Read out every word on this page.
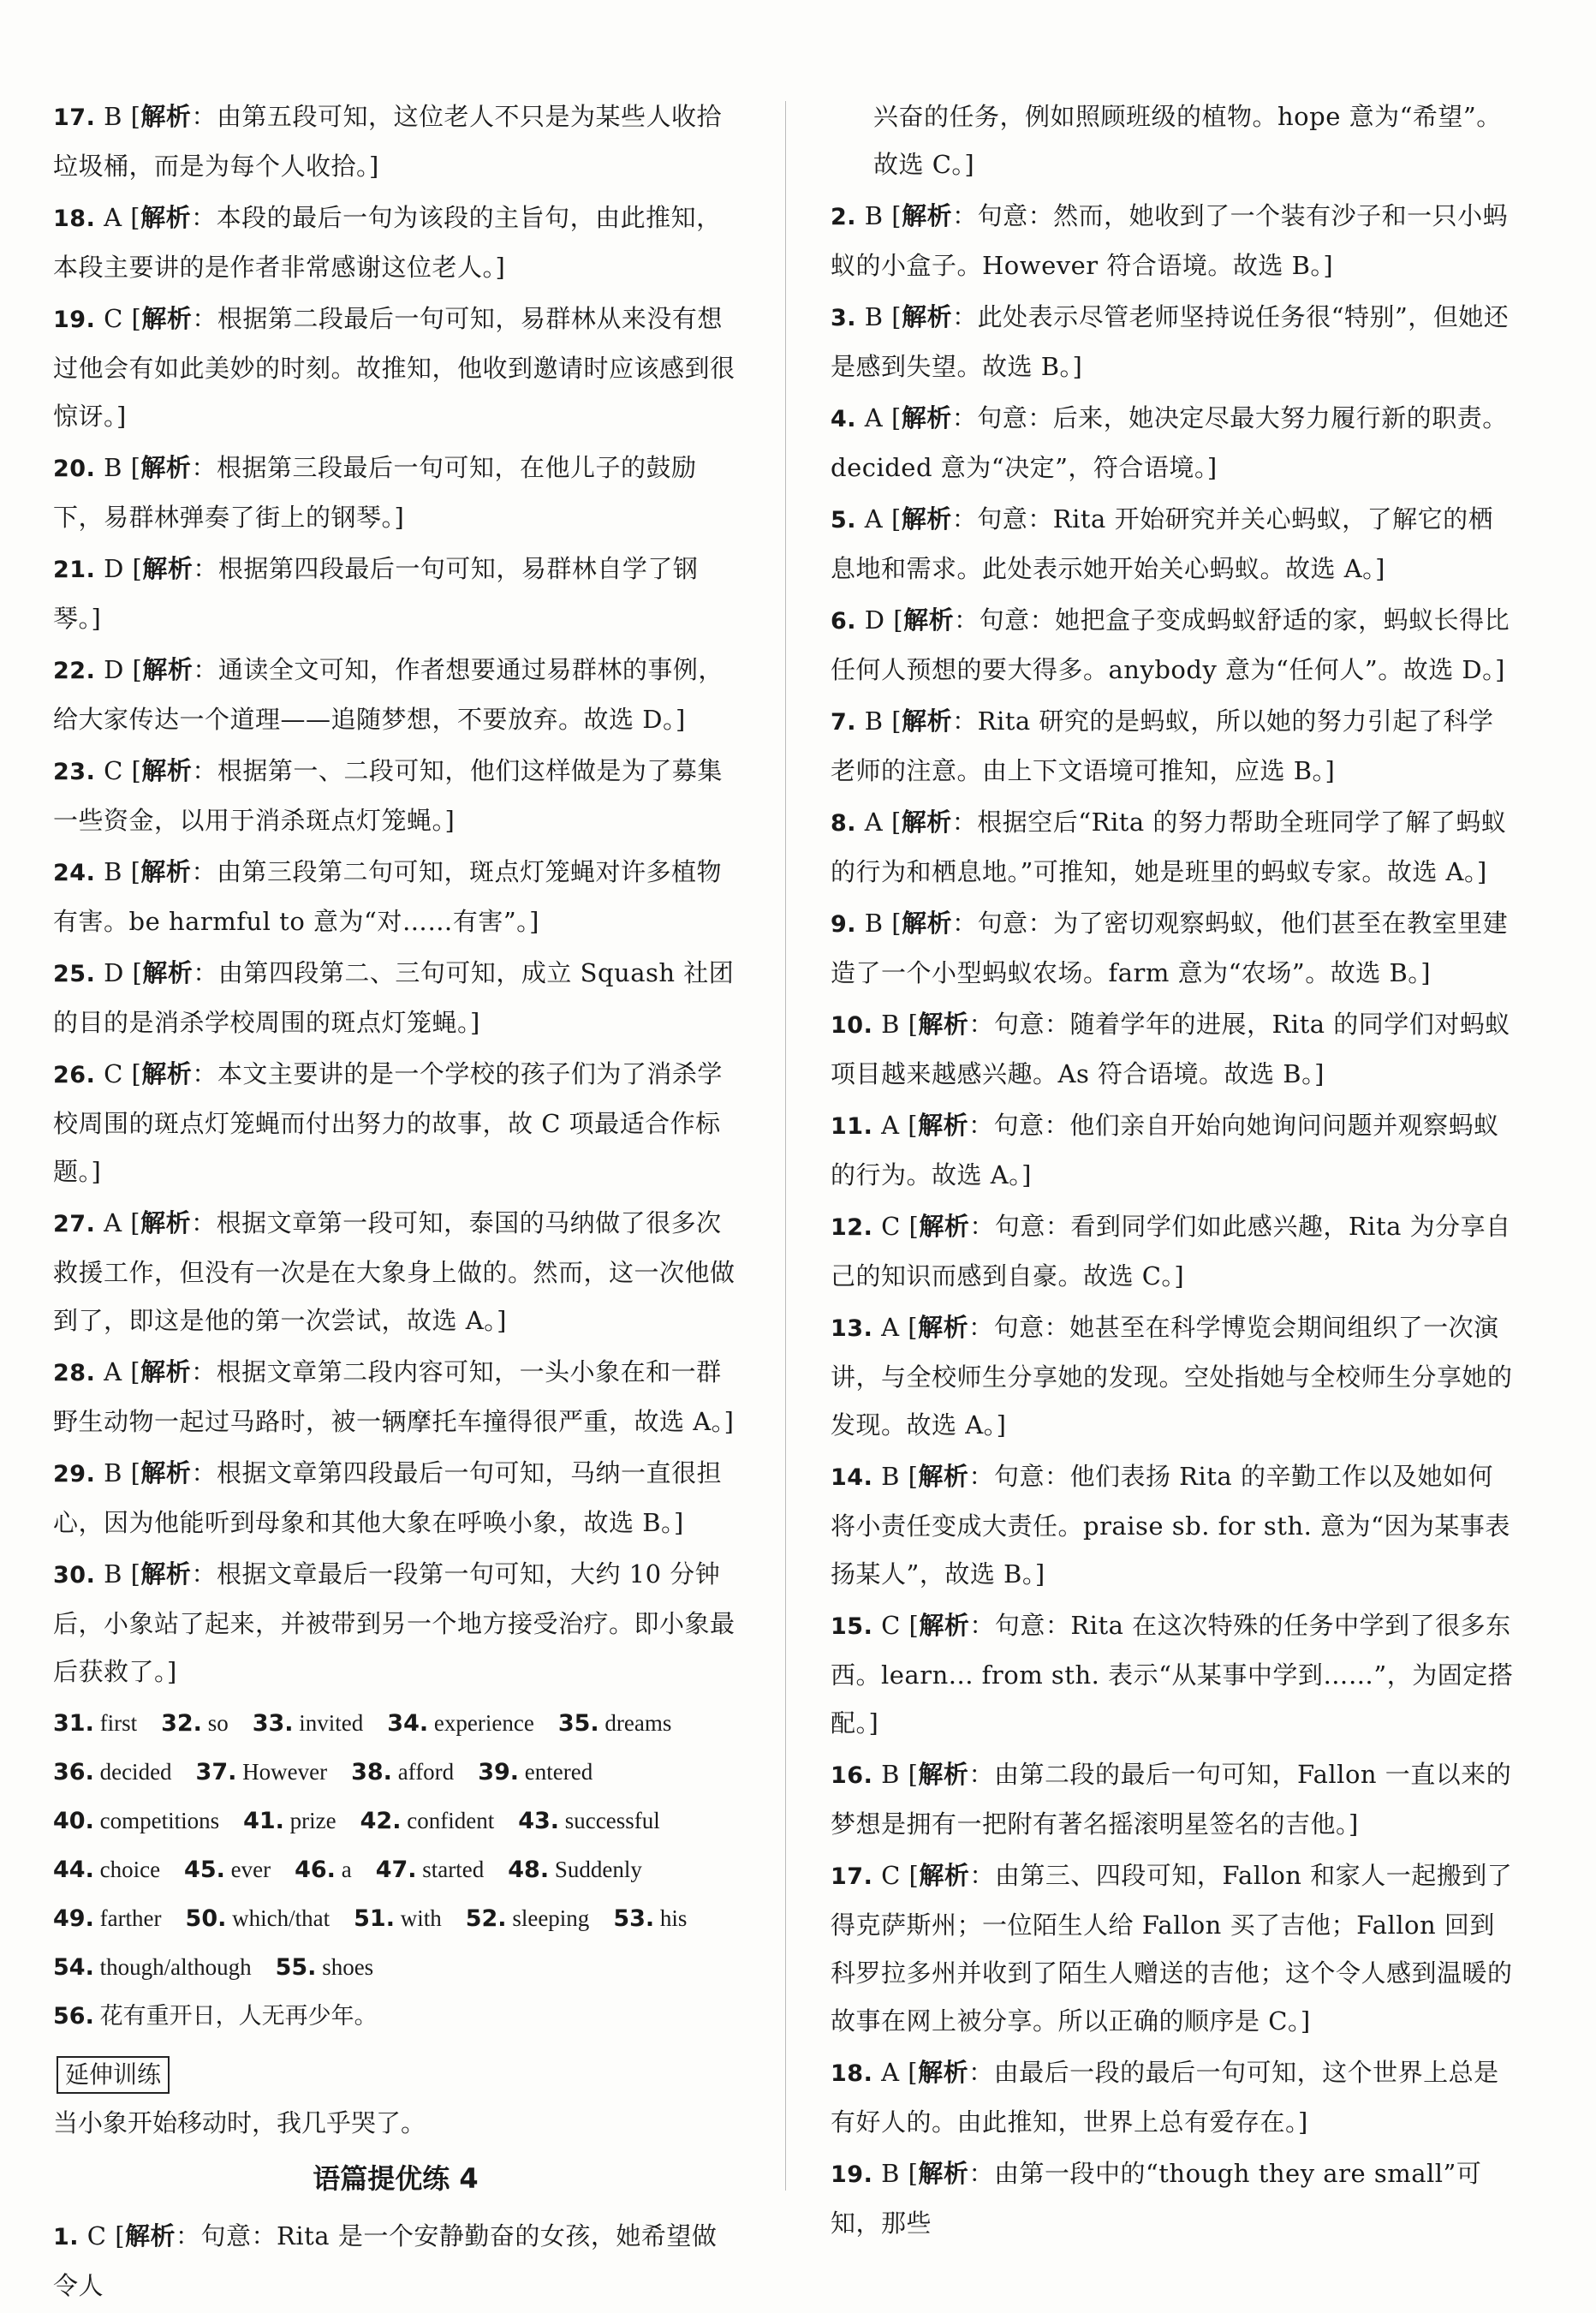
17. B [解析：由第五段可知，这位老人不只是为某些人收拾垃圾桶，而是为每个人收拾。]

18. A [解析：本段的最后一句为该段的主旨句，由此推知，本段主要讲的是作者非常感谢这位老人。]

19. C [解析：根据第二段最后一句可知，易群林从来没有想过他会有如此美妙的时刻。故推知，他收到邀请时应该感到很惊讶。]

20. B [解析：根据第三段最后一句可知，在他儿子的鼓励下，易群林弹奏了街上的钢琴。]

21. D [解析：根据第四段最后一句可知，易群林自学了钢琴。]

22. D [解析：通读全文可知，作者想要通过易群林的事例，给大家传达一个道理——追随梦想，不要放弃。故选 D。]

23. C [解析：根据第一、二段可知，他们这样做是为了募集一些资金，以用于消杀斑点灯笼蝇。]

24. B [解析：由第三段第二句可知，斑点灯笼蝇对许多植物有害。be harmful to 意为“对……有害”。]

25. D [解析：由第四段第二、三句可知，成立 Squash 社团的目的是消杀学校周围的斑点灯笼蝇。]

26. C [解析：本文主要讲的是一个学校的孩子们为了消杀学校周围的斑点灯笼蝇而付出努力的故事，故 C 项最适合作标题。]

27. A [解析：根据文章第一段可知，泰国的马纳做了很多次救援工作，但没有一次是在大象身上做的。然而，这一次他做到了，即这是他的第一次尝试，故选 A。]

28. A [解析：根据文章第二段内容可知，一头小象在和一群野生动物一起过马路时，被一辆摩托车撞得很严重，故选 A。]

29. B [解析：根据文章第四段最后一句可知，马纳一直很担心，因为他能听到母象和其他大象在呼唤小象，故选 B。]

30. B [解析：根据文章最后一段第一句可知，大约 10 分钟后，小象站了起来，并被带到另一个地方接受治疗。即小象最后获救了。]

31. first 32. so 33. invited 34. experience 35. dreams

36. decided 37. However 38. afford 39. entered

40. competitions 41. prize 42. confident 43. successful

44. choice 45. ever 46. a 47. started 48. Suddenly

49. farther 50. which/that 51. with 52. sleeping 53. his

54. though/although 55. shoes

56. 花有重开日，人无再少年。

延伸训练

当小象开始移动时，我几乎哭了。

语篇提优练 4

1. C [解析：句意：Rita 是一个安静勤奋的女孩，她希望做令人

兴奋的任务，例如照顾班级的植物。hope 意为“希望”。故选 C。]

2. B [解析：句意：然而，她收到了一个装有沙子和一只小蚂蚁的小盒子。However 符合语境。故选 B。]

3. B [解析：此处表示尽管老师坚持说任务很“特别”，但她还是感到失望。故选 B。]

4. A [解析：句意：后来，她决定尽最大努力履行新的职责。decided 意为“决定”，符合语境。]

5. A [解析：句意：Rita 开始研究并关心蚂蚁，了解它的栖息地和需求。此处表示她开始关心蚂蚁。故选 A。]

6. D [解析：句意：她把盒子变成蚂蚁舒适的家，蚂蚁长得比任何人预想的要大得多。anybody 意为“任何人”。故选 D。]

7. B [解析：Rita 研究的是蚂蚁，所以她的努力引起了科学老师的注意。由上下文语境可推知，应选 B。]

8. A [解析：根据空后“Rita 的努力帮助全班同学了解了蚂蚁的行为和栖息地。”可推知，她是班里的蚂蚁专家。故选 A。]

9. B [解析：句意：为了密切观察蚂蚁，他们甚至在教室里建造了一个小型蚂蚁农场。farm 意为“农场”。故选 B。]

10. B [解析：句意：随着学年的进展，Rita 的同学们对蚂蚁项目越来越感兴趣。As 符合语境。故选 B。]

11. A [解析：句意：他们亲自开始向她询问问题并观察蚂蚁的行为。故选 A。]

12. C [解析：句意：看到同学们如此感兴趣，Rita 为分享自己的知识而感到自豪。故选 C。]

13. A [解析：句意：她甚至在科学博览会期间组织了一次演讲，与全校师生分享她的发现。空处指她与全校师生分享她的发现。故选 A。]

14. B [解析：句意：他们表扬 Rita 的辛勤工作以及她如何将小责任变成大责任。praise sb. for sth. 意为“因为某事表扬某人”，故选 B。]

15. C [解析：句意：Rita 在这次特殊的任务中学到了很多东西。learn... from sth. 表示“从某事中学到……”，为固定搭配。]

16. B [解析：由第二段的最后一句可知，Fallon 一直以来的梦想是拥有一把附有著名摇滚明星签名的吉他。]

17. C [解析：由第三、四段可知，Fallon 和家人一起搬到了得克萨斯州；一位陌生人给 Fallon 买了吉他；Fallon 回到科罗拉多州并收到了陌生人赠送的吉他；这个令人感到温暖的故事在网上被分享。所以正确的顺序是 C。]

18. A [解析：由最后一段的最后一句可知，这个世界上总是有好人的。由此推知，世界上总有爱存在。]

19. B [解析：由第一段中的“though they are small”可知，那些
